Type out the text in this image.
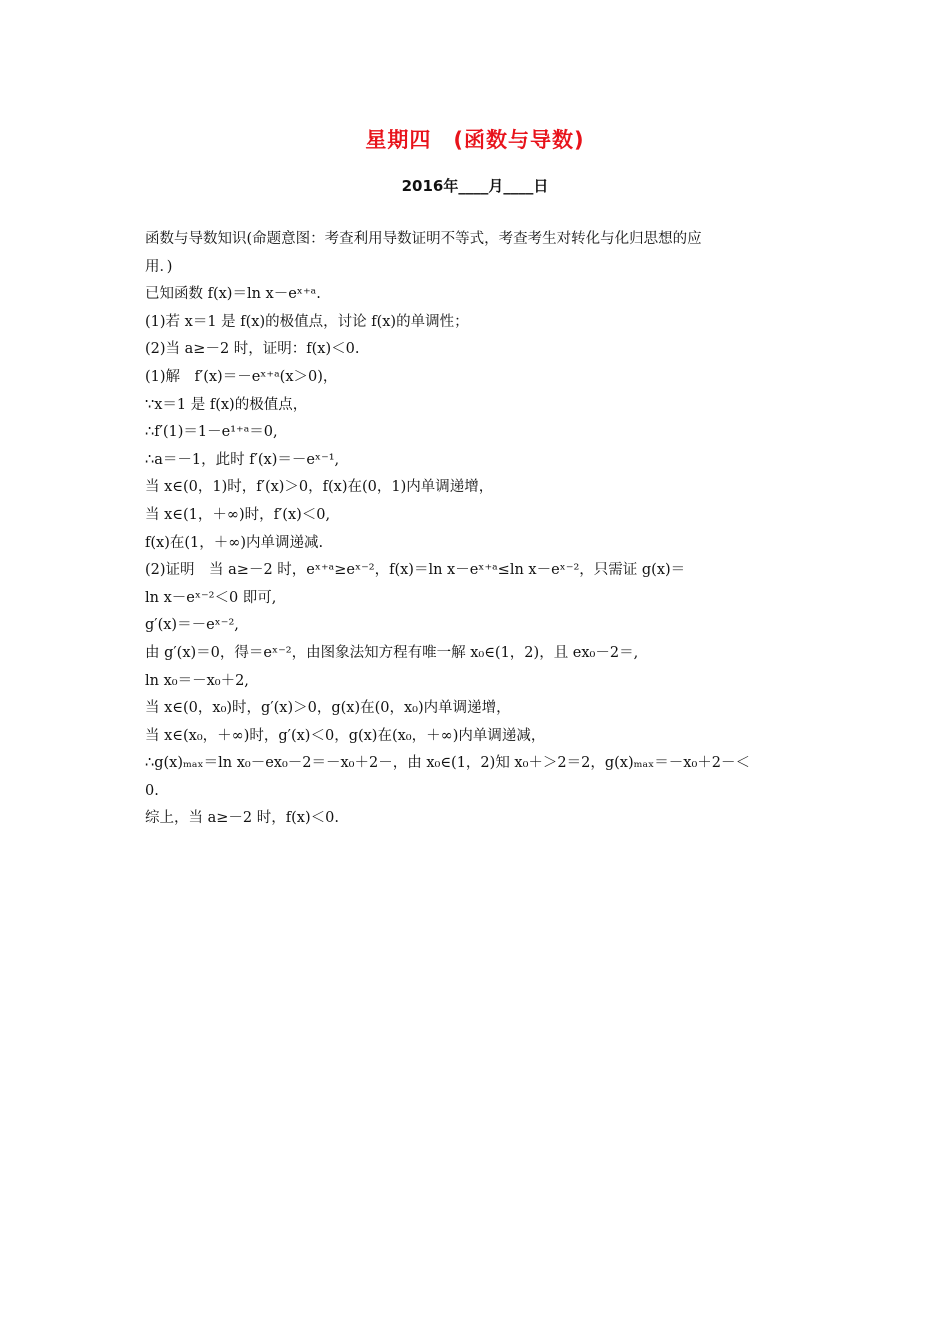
星期四　(函数与导数)
2016年____月____日
函数与导数知识(命题意图：考查利用导数证明不等式，考查考生对转化与化归思想的应
用．)
已知函数 f(x)＝ln x－eˣ⁺ᵃ.
(1)若 x＝1 是 f(x)的极值点，讨论 f(x)的单调性；
(2)当 a≥－2 时，证明：f(x)＜0.
(1)解　f′(x)＝－eˣ⁺ᵃ(x＞0)，
∵x＝1 是 f(x)的极值点，
∴f′(1)＝1－e¹⁺ᵃ＝0,
∴a＝－1，此时 f′(x)＝－eˣ⁻¹,
当 x∈(0，1)时，f′(x)＞0，f(x)在(0，1)内单调递增，
当 x∈(1，＋∞)时，f′(x)＜0,
f(x)在(1，＋∞)内单调递减.
(2)证明　当 a≥－2 时，eˣ⁺ᵃ≥eˣ⁻²，f(x)＝ln x－eˣ⁺ᵃ≤ln x－eˣ⁻²，只需证 g(x)＝
ln x－eˣ⁻²＜0 即可,
g′(x)＝－eˣ⁻²,
由 g′(x)＝0，得＝eˣ⁻²，由图象法知方程有唯一解 x₀∈(1，2)，且 ex₀－2＝,
ln x₀＝－x₀＋2,
当 x∈(0，x₀)时，g′(x)＞0，g(x)在(0，x₀)内单调递增，
当 x∈(x₀，＋∞)时，g′(x)＜0，g(x)在(x₀，＋∞)内单调递减，
∴g(x)ₘₐₓ＝ln x₀－ex₀－2＝－x₀＋2－，由 x₀∈(1，2)知 x₀＋＞2＝2，g(x)ₘₐₓ＝－x₀＋2－＜
0.
综上，当 a≥－2 时，f(x)＜0.
